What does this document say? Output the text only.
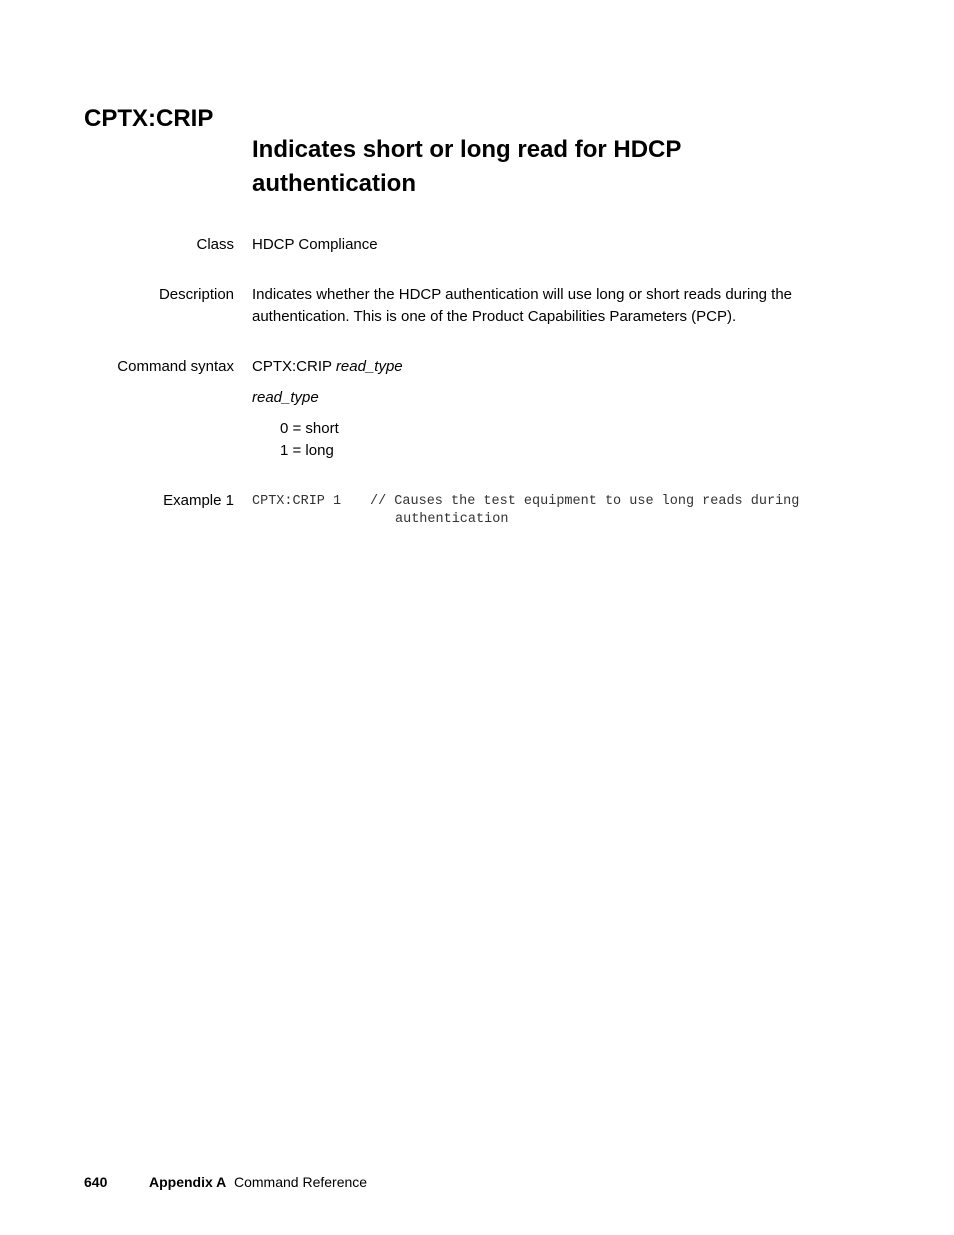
CPTX:CRIP
Indicates short or long read for HDCP authentication
Class HDCP Compliance
Description Indicates whether the HDCP authentication will use long or short reads during the authentication. This is one of the Product Capabilities Parameters (PCP).
Command syntax CPTX:CRIP read_type
read_type
0 = short
1 = long
Example 1 CPTX:CRIP 1 // Causes the test equipment to use long reads during
authentication
640	Appendix A Command Reference
